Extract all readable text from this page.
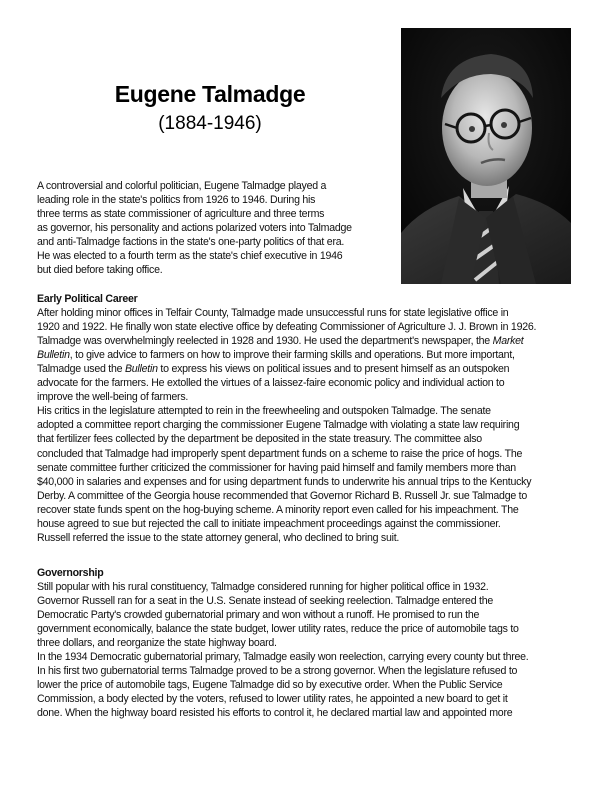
Eugene Talmadge
(1884-1946)
A controversial and colorful politician, Eugene Talmadge played a
leading role in the state's politics from 1926 to 1946. During his
three terms as state commissioner of agriculture and three terms
as governor, his personality and actions polarized voters into Talmadge
and anti-Talmadge factions in the state's one-party politics of that era.
He was elected to a fourth term as the state's chief executive in 1946
but died before taking office.
Early Political Career
After holding minor offices in Telfair County, Talmadge made unsuccessful runs for state legislative office in
1920 and 1922. He finally won state elective office by defeating Commissioner of Agriculture J. J. Brown in 1926.
Talmadge was overwhelmingly reelected in 1928 and 1930. He used the department's newspaper, the Market
Bulletin, to give advice to farmers on how to improve their farming skills and operations. But more important,
Talmadge used the Bulletin to express his views on political issues and to present himself as an outspoken
advocate for the farmers. He extolled the virtues of a laissez-faire economic policy and individual action to
improve the well-being of farmers.
His critics in the legislature attempted to rein in the freewheeling and outspoken Talmadge. The senate
adopted a committee report charging the commissioner Eugene Talmadge with violating a state law requiring
that fertilizer fees collected by the department be deposited in the state treasury. The committee also
concluded that Talmadge had improperly spent department funds on a scheme to raise the price of hogs. The
senate committee further criticized the commissioner for having paid himself and family members more than
$40,000 in salaries and expenses and for using department funds to underwrite his annual trips to the Kentucky
Derby. A committee of the Georgia house recommended that Governor Richard B. Russell Jr. sue Talmadge to
recover state funds spent on the hog-buying scheme. A minority report even called for his impeachment. The
house agreed to sue but rejected the call to initiate impeachment proceedings against the commissioner.
Russell referred the issue to the state attorney general, who declined to bring suit.
Governorship
Still popular with his rural constituency, Talmadge considered running for higher political office in 1932.
Governor Russell ran for a seat in the U.S. Senate instead of seeking reelection. Talmadge entered the
Democratic Party's crowded gubernatorial primary and won without a runoff. He promised to run the
government economically, balance the state budget, lower utility rates, reduce the price of automobile tags to
three dollars, and reorganize the state highway board.
In the 1934 Democratic gubernatorial primary, Talmadge easily won reelection, carrying every county but three.
In his first two gubernatorial terms Talmadge proved to be a strong governor. When the legislature refused to
lower the price of automobile tags, Eugene Talmadge did so by executive order. When the Public Service
Commission, a body elected by the voters, refused to lower utility rates, he appointed a new board to get it
done. When the highway board resisted his efforts to control it, he declared martial law and appointed more
